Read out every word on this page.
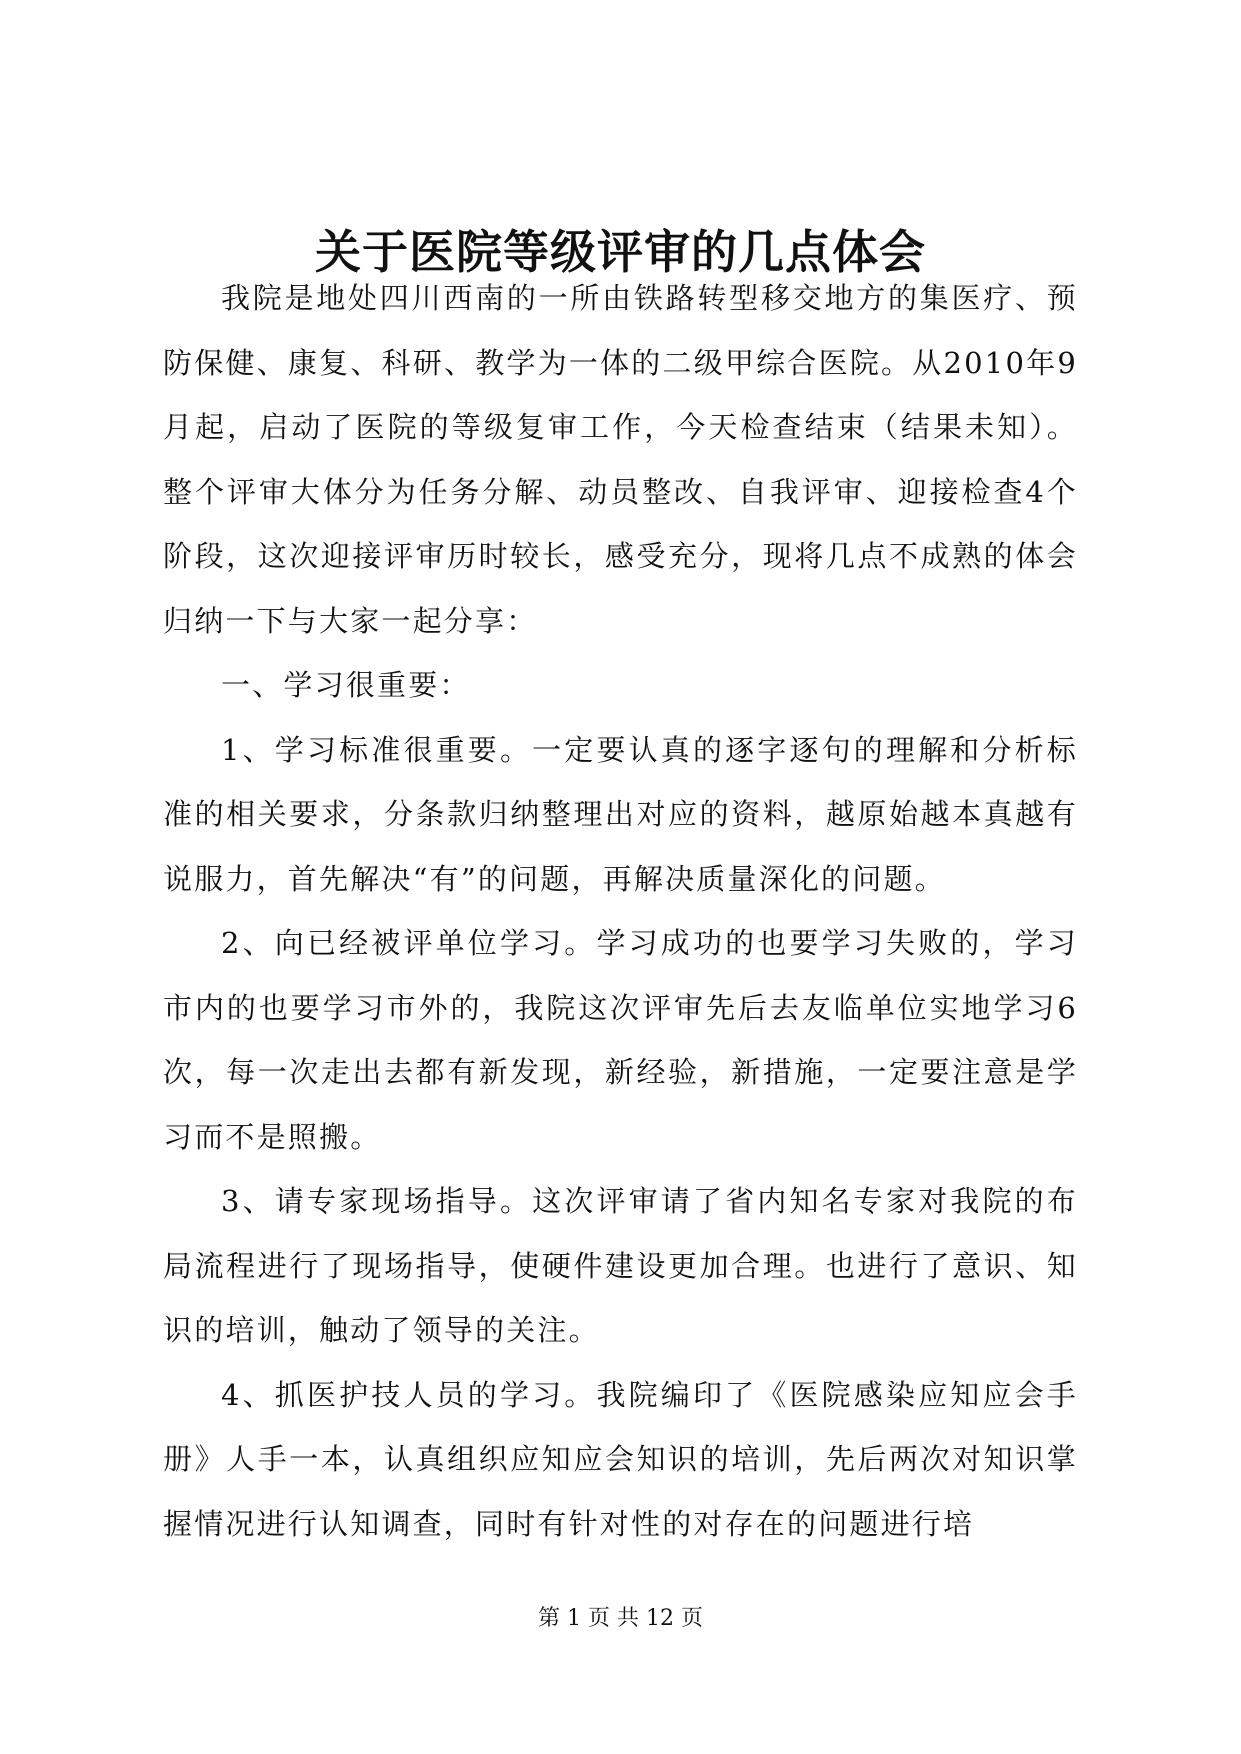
关于医院等级评审的几点体会

我院是地处四川西南的一所由铁路转型移交地方的集医疗、预防保健、康复、科研、教学为一体的二级甲综合医院。从2010年9月起，启动了医院的等级复审工作，今天检查结束（结果未知）。整个评审大体分为任务分解、动员整改、自我评审、迎接检查4个阶段，这次迎接评审历时较长，感受充分，现将几点不成熟的体会归纳一下与大家一起分享：

一、学习很重要：

1、学习标准很重要。一定要认真的逐字逐句的理解和分析标准的相关要求，分条款归纳整理出对应的资料，越原始越本真越有说服力，首先解决“有”的问题，再解决质量深化的问题。

2、向已经被评单位学习。学习成功的也要学习失败的，学习市内的也要学习市外的，我院这次评审先后去友临单位实地学习6次，每一次走出去都有新发现，新经验，新措施，一定要注意是学习而不是照搬。

3、请专家现场指导。这次评审请了省内知名专家对我院的布局流程进行了现场指导，使硬件建设更加合理。也进行了意识、知识的培训，触动了领导的关注。

4、抓医护技人员的学习。我院编印了《医院感染应知应会手册》人手一本，认真组织应知应会知识的培训，先后两次对知识掌握情况进行认知调查，同时有针对性的对存在的问题进行培

第 1 页 共 12 页
